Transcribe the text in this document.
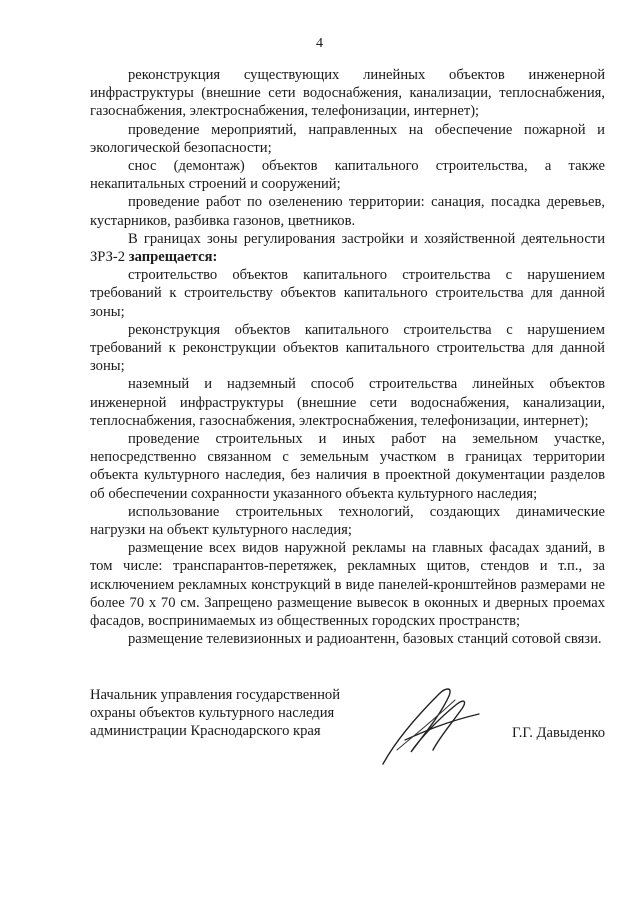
4

реконструкция существующих линейных объектов инженерной инфраструктуры (внешние сети водоснабжения, канализации, теплоснабжения, газоснабжения, электроснабжения, телефонизации, интернет);

проведение мероприятий, направленных на обеспечение пожарной и экологической безопасности;

снос (демонтаж) объектов капитального строительства, а также некапитальных строений и сооружений;

проведение работ по озеленению территории: санация, посадка деревьев, кустарников, разбивка газонов, цветников.

В границах зоны регулирования застройки и хозяйственной деятельности ЗРЗ-2 запрещается:

строительство объектов капитального строительства с нарушением требований к строительству объектов капитального строительства для данной зоны;

реконструкция объектов капитального строительства с нарушением требований к реконструкции объектов капитального строительства для данной зоны;

наземный и надземный способ строительства линейных объектов инженерной инфраструктуры (внешние сети водоснабжения, канализации, теплоснабжения, газоснабжения, электроснабжения, телефонизации, интернет);

проведение строительных и иных работ на земельном участке, непосредственно связанном с земельным участком в границах территории объекта культурного наследия, без наличия в проектной документации разделов об обеспечении сохранности указанного объекта культурного наследия;

использование строительных технологий, создающих динамические нагрузки на объект культурного наследия;

размещение всех видов наружной рекламы на главных фасадах зданий, в том числе: транспарантов-перетяжек, рекламных щитов, стендов и т.п., за исключением рекламных конструкций в виде панелей-кронштейнов размерами не более 70 х 70 см. Запрещено размещение вывесок в оконных и дверных проемах фасадов, воспринимаемых из общественных городских пространств;

размещение телевизионных и радиоантенн, базовых станций сотовой связи.

Начальник управления государственной
охраны объектов культурного наследия
администрации Краснодарского края	Г.Г. Давыденко
